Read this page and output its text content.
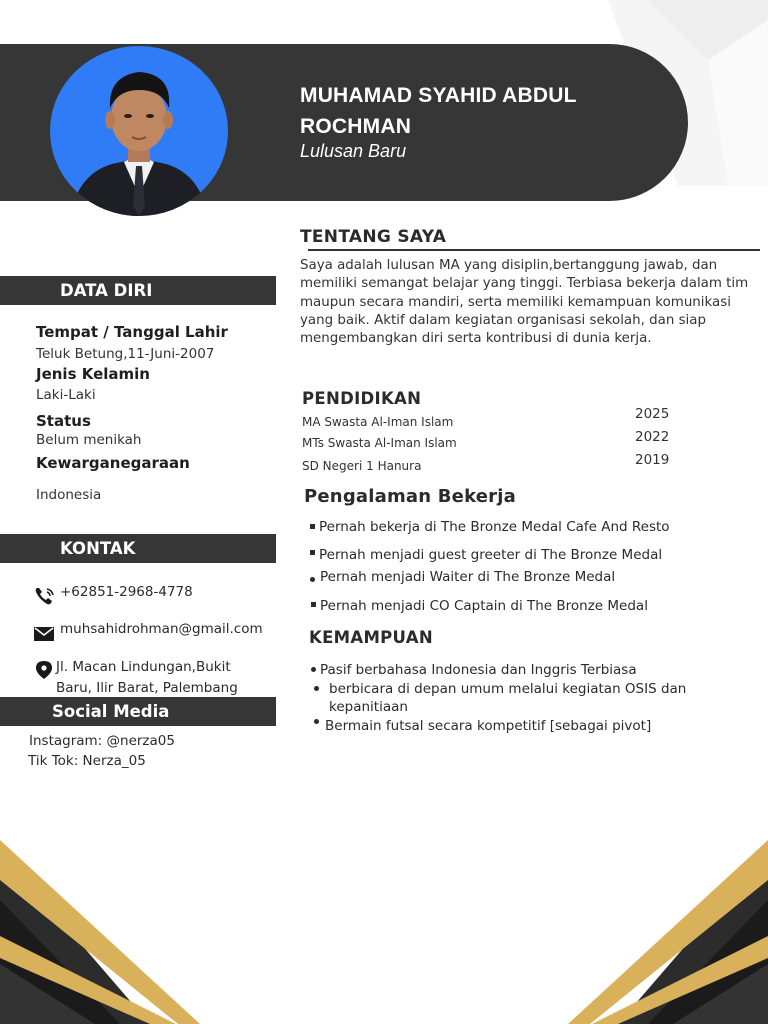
MUHAMAD SYAHID ABDUL ROCHMAN
Lulusan Baru
DATA DIRI
Tempat / Tanggal Lahir
Teluk Betung,11-Juni-2007
Jenis Kelamin
Laki-Laki
Status
Belum menikah
Kewarganegaraan
Indonesia
KONTAK
+62851-2968-4778
muhsahidrohman@gmail.com
Jl. Macan Lindungan,Bukit
Baru, Ilir Barat, Palembang
Social Media
Instagram: @nerza05
Tik Tok: Nerza_05
TENTANG SAYA
Saya adalah lulusan MA yang disiplin,bertanggung jawab, dan memiliki semangat belajar yang tinggi. Terbiasa bekerja dalam tim maupun secara mandiri, serta memiliki kemampuan komunikasi yang baik. Aktif dalam kegiatan organisasi sekolah, dan siap mengembangkan diri serta kontribusi di dunia kerja.
PENDIDIKAN
MA Swasta Al-Iman Islam	2025
MTs Swasta Al-Iman Islam	2022
SD Negeri 1 Hanura	2019
Pengalaman Bekerja
Pernah bekerja di The Bronze Medal Cafe And Resto
Pernah menjadi guest greeter di The Bronze Medal
Pernah menjadi Waiter di The Bronze Medal
Pernah menjadi CO Captain di The Bronze Medal
KEMAMPUAN
Pasif berbahasa Indonesia dan Inggris Terbiasa
berbicara di depan umum melalui kegiatan OSIS dan
kepanitiaan
Bermain futsal secara kompetitif [sebagai pivot]
